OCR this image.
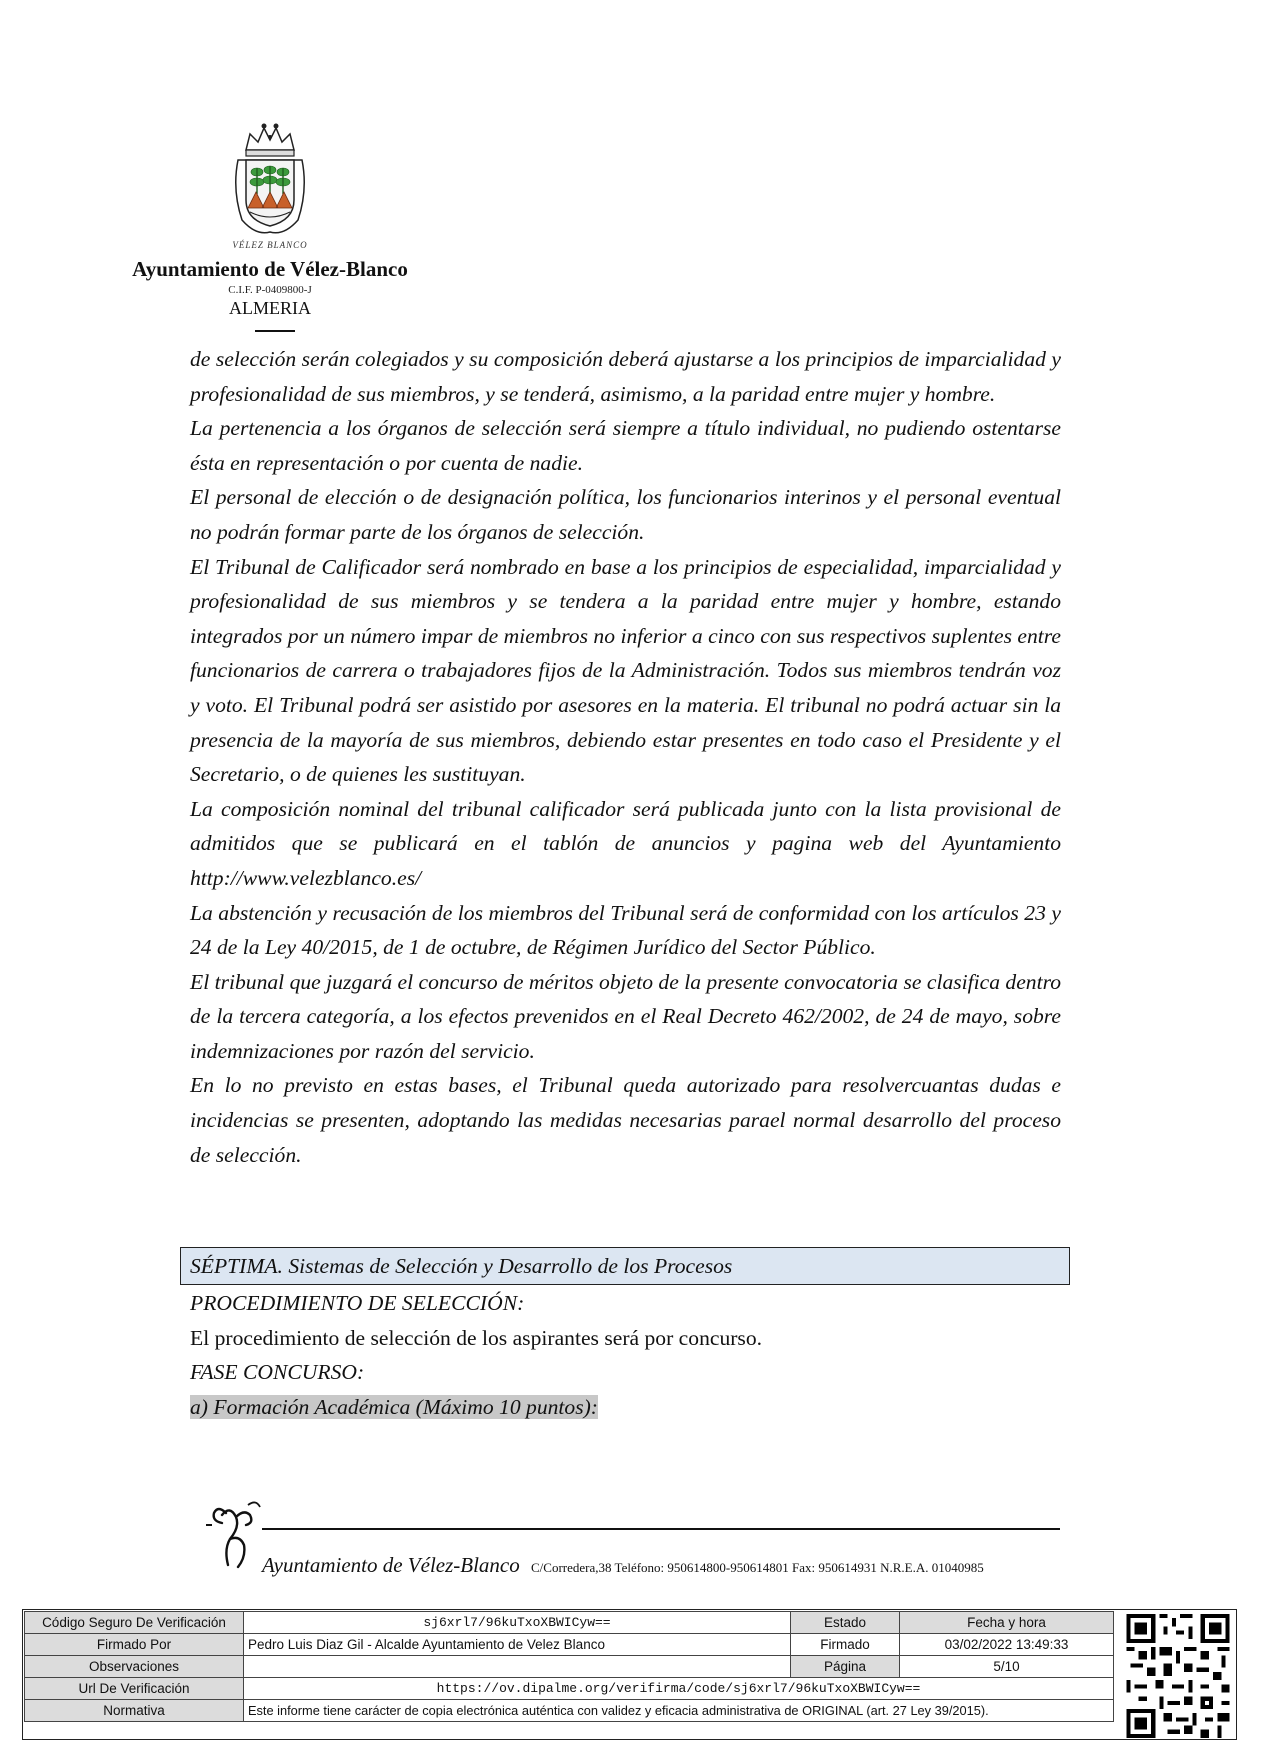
VÉLEZ BLANCO
Ayuntamiento de Vélez-Blanco
C.I.F. P-0409800-J
ALMERIA

de selección serán colegiados y su composición deberá ajustarse a los principios de imparcialidad y profesionalidad de sus miembros, y se tenderá, asimismo, a la paridad entre mujer y hombre.

La pertenencia a los órganos de selección será siempre a título individual, no pudiendo ostentarse ésta en representación o por cuenta de nadie.

El personal de elección o de designación política, los funcionarios interinos y el personal eventual no podrán formar parte de los órganos de selección.

El Tribunal de Calificador será nombrado en base a los principios de especialidad, imparcialidad y profesionalidad de sus miembros y se tendera a la paridad entre mujer y hombre, estando integrados por un número impar de miembros no inferior a cinco con sus respectivos suplentes entre funcionarios de carrera o trabajadores fijos de la Administración. Todos sus miembros tendrán voz y voto. El Tribunal podrá ser asistido por asesores en la materia. El tribunal no podrá actuar sin la presencia de la mayoría de sus miembros, debiendo estar presentes en todo caso el Presidente y el Secretario, o de quienes les sustituyan.

La composición nominal del tribunal calificador será publicada junto con la lista provisional de admitidos que se publicará en el tablón de anuncios y pagina web del Ayuntamiento http://www.velezblanco.es/

La abstención y recusación de los miembros del Tribunal será de conformidad con los artículos 23 y 24 de la Ley 40/2015, de 1 de octubre, de Régimen Jurídico del Sector Público.

El tribunal que juzgará el concurso de méritos objeto de la presente convocatoria se clasifica dentro de la tercera categoría, a los efectos prevenidos en el Real Decreto 462/2002, de 24 de mayo, sobre indemnizaciones por razón del servicio.

En lo no previsto en estas bases, el Tribunal queda autorizado para resolvercuantas dudas e incidencias se presenten, adoptando las medidas necesarias parael normal desarrollo del proceso de selección.

SÉPTIMA. Sistemas de Selección y Desarrollo de los Procesos

PROCEDIMIENTO DE SELECCIÓN:

El procedimiento de selección de los aspirantes será por concurso.

FASE CONCURSO:

a) Formación Académica (Máximo 10 puntos):

Ayuntamiento de Vélez-Blanco C/Corredera,38 Teléfono: 950614800-950614801 Fax: 950614931 N.R.E.A. 01040985
Código Seguro De Verificación	sj6xrl7/96kuTxoXBWICyw==	Estado	Fecha y hora
Firmado Por	Pedro Luis Diaz Gil - Alcalde Ayuntamiento de Velez Blanco	Firmado	03/02/2022 13:49:33
Observaciones		Página	5/10
Url De Verificación	https://ov.dipalme.org/verifirma/code/sj6xrl7/96kuTxoXBWICyw==		
Normativa	Este informe tiene carácter de copia electrónica auténtica con validez y eficacia administrativa de ORIGINAL (art. 27 Ley 39/2015).		
